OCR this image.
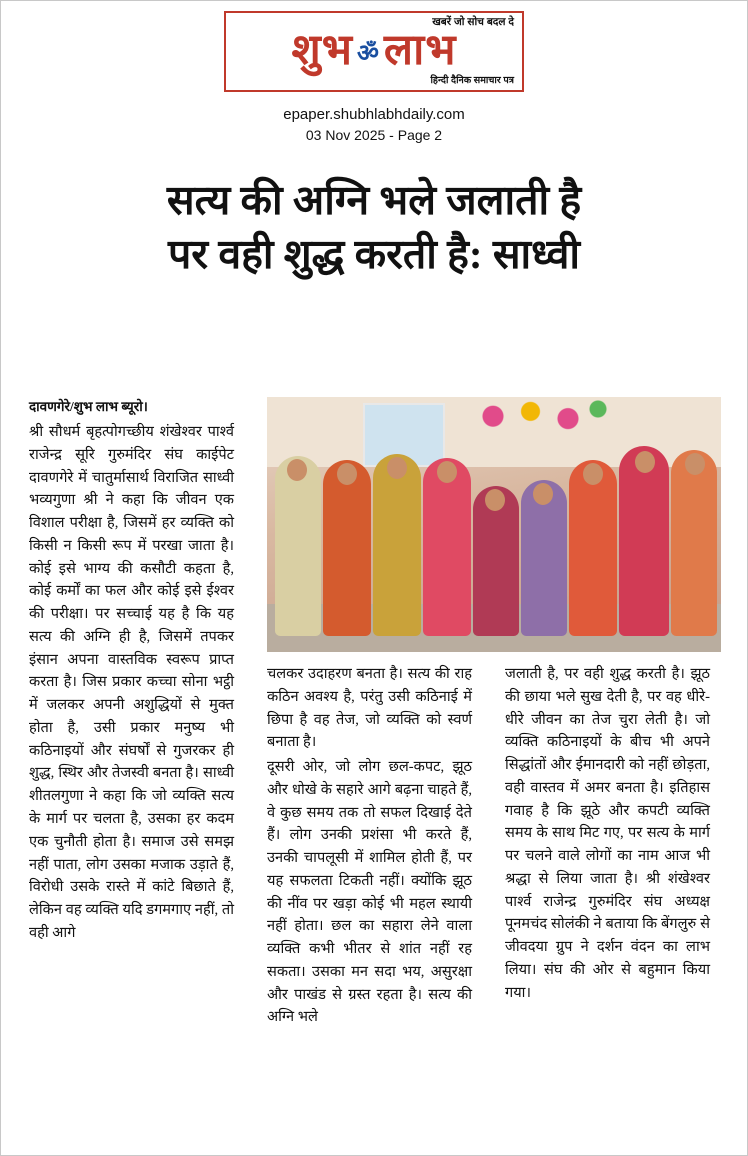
खबरें जो सोच बदल दे
शुभ ॐलाभ
हिन्दी दैनिक समाचार पत्र
epaper.shubhlabhdaily.com
03 Nov 2025 - Page 2
सत्य की अग्नि भले जलाती है
पर वही शुद्ध करती है: साध्वी
दावणगेरे/शुभ लाभ ब्यूरो।

श्री सौधर्म बृहत्पोगच्छीय शंखेश्वर पार्श्व राजेन्द्र सूरि गुरुमंदिर संघ काईपेट दावणगेरे में चातुर्मासार्थ विराजित साध्वी भव्यगुणा श्री ने कहा कि जीवन एक विशाल परीक्षा है, जिसमें हर व्यक्ति को किसी न किसी रूप में परखा जाता है। कोई इसे भाग्य की कसौटी कहता है, कोई कर्मों का फल और कोई इसे ईश्वर की परीक्षा। पर सच्चाई यह है कि यह सत्य की अग्नि ही है, जिसमें तपकर इंसान अपना वास्तविक स्वरूप प्राप्त करता है। जिस प्रकार कच्चा सोना भट्ठी में जलकर अपनी अशुद्धियों से मुक्त होता है, उसी प्रकार मनुष्य भी कठिनाइयों और संघर्षों से गुजरकर ही शुद्ध, स्थिर और तेजस्वी बनता है। साध्वी शीतलगुणा ने कहा कि जो व्यक्ति सत्य के मार्ग पर चलता है, उसका हर कदम एक चुनौती होता है। समाज उसे समझ नहीं पाता, लोग उसका मजाक उड़ाते हैं, विरोधी उसके रास्ते में कांटे बिछाते हैं, लेकिन वह व्यक्ति यदि डगमगाए नहीं, तो वही आगे

चलकर उदाहरण बनता है। सत्य की राह कठिन अवश्य है, परंतु उसी कठिनाई में छिपा है वह तेज, जो व्यक्ति को स्वर्ण बनाता है।

दूसरी ओर, जो लोग छल-कपट, झूठ और धोखे के सहारे आगे बढ़ना चाहते हैं, वे कुछ समय तक तो सफल दिखाई देते हैं। लोग उनकी प्रशंसा भी करते हैं, उनकी चापलूसी में शामिल होती हैं, पर यह सफलता टिकती नहीं। क्योंकि झूठ की नींव पर खड़ा कोई भी महल स्थायी नहीं होता। छल का सहारा लेने वाला व्यक्ति कभी भीतर से शांत नहीं रह सकता। उसका मन सदा भय, असुरक्षा और पाखंड से ग्रस्त रहता है। सत्य की अग्नि भले

जलाती है, पर वही शुद्ध करती है। झूठ की छाया भले सुख देती है, पर वह धीरे-धीरे जीवन का तेज चुरा लेती है। जो व्यक्ति कठिनाइयों के बीच भी अपने सिद्धांतों और ईमानदारी को नहीं छोड़ता, वही वास्तव में अमर बनता है। इतिहास गवाह है कि झूठे और कपटी व्यक्ति समय के साथ मिट गए, पर सत्य के मार्ग पर चलने वाले लोगों का नाम आज भी श्रद्धा से लिया जाता है। श्री शंखेश्वर पार्श्व राजेन्द्र गुरुमंदिर संघ अध्यक्ष पूनमचंद सोलंकी ने बताया कि बेंगलुरु से जीवदया ग्रुप ने दर्शन वंदन का लाभ लिया। संघ की ओर से बहुमान किया गया।
